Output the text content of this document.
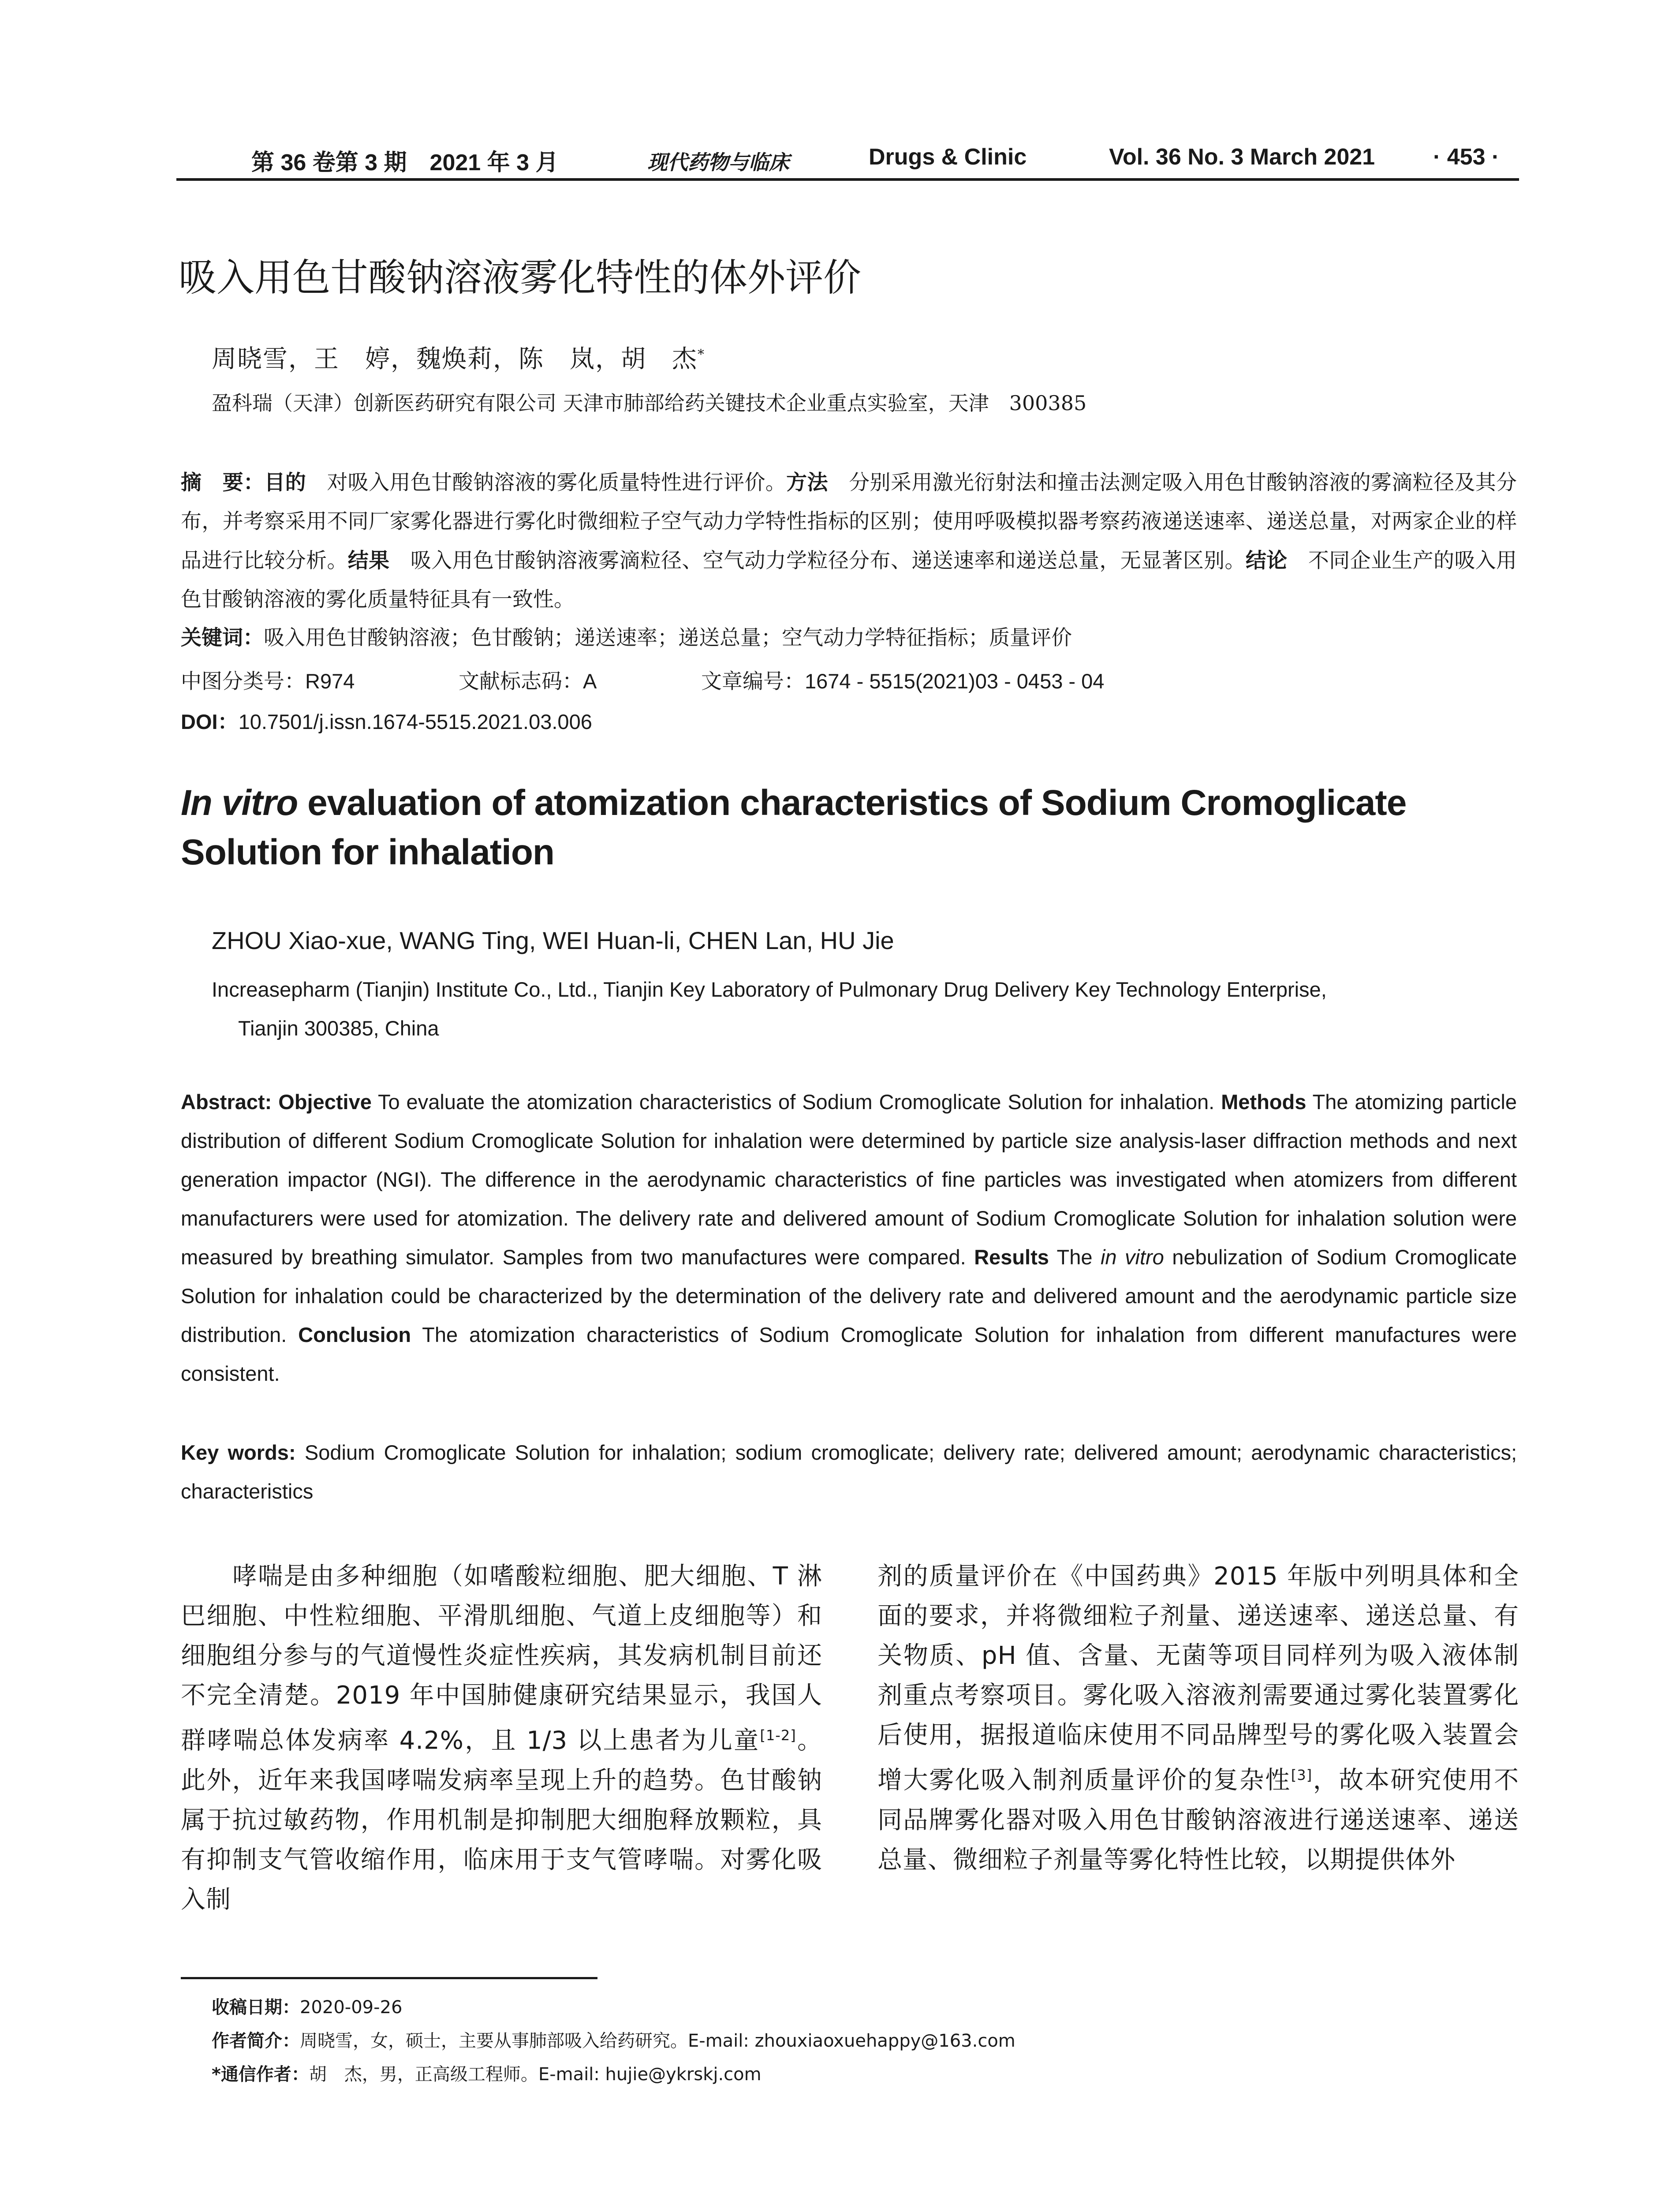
第 36 卷第 3 期　2021 年 3 月	现代药物与临床	Drugs & Clinic	Vol. 36 No. 3 March 2021	· 453 ·
吸入用色甘酸钠溶液雾化特性的体外评价
周晓雪，王　婷，魏焕莉，陈　岚，胡　杰*
盈科瑞（天津）创新医药研究有限公司 天津市肺部给药关键技术企业重点实验室，天津　300385
摘　要：目的　对吸入用色甘酸钠溶液的雾化质量特性进行评价。方法　分别采用激光衍射法和撞击法测定吸入用色甘酸钠溶液的雾滴粒径及其分布，并考察采用不同厂家雾化器进行雾化时微细粒子空气动力学特性指标的区别；使用呼吸模拟器考察药液递送速率、递送总量，对两家企业的样品进行比较分析。结果　吸入用色甘酸钠溶液雾滴粒径、空气动力学粒径分布、递送速率和递送总量，无显著区别。结论　不同企业生产的吸入用色甘酸钠溶液的雾化质量特征具有一致性。
关键词：吸入用色甘酸钠溶液；色甘酸钠；递送速率；递送总量；空气动力学特征指标；质量评价
中图分类号：R974	文献标志码：A	文章编号：1674 - 5515(2021)03 - 0453 - 04
DOI：10.7501/j.issn.1674-5515.2021.03.006
In vitro evaluation of atomization characteristics of Sodium Cromoglicate Solution for inhalation
ZHOU Xiao-xue, WANG Ting, WEI Huan-li, CHEN Lan, HU Jie
Increasepharm (Tianjin) Institute Co., Ltd., Tianjin Key Laboratory of Pulmonary Drug Delivery Key Technology Enterprise,
Tianjin 300385, China
Abstract: Objective To evaluate the atomization characteristics of Sodium Cromoglicate Solution for inhalation. Methods The atomizing particle distribution of different Sodium Cromoglicate Solution for inhalation were determined by particle size analysis-laser diffraction methods and next generation impactor (NGI). The difference in the aerodynamic characteristics of fine particles was investigated when atomizers from different manufacturers were used for atomization. The delivery rate and delivered amount of Sodium Cromoglicate Solution for inhalation solution were measured by breathing simulator. Samples from two manufactures were compared. Results The in vitro nebulization of Sodium Cromoglicate Solution for inhalation could be characterized by the determination of the delivery rate and delivered amount and the aerodynamic particle size distribution. Conclusion The atomization characteristics of Sodium Cromoglicate Solution for inhalation from different manufactures were consistent.
Key words: Sodium Cromoglicate Solution for inhalation; sodium cromoglicate; delivery rate; delivered amount; aerodynamic characteristics; characteristics
　　哮喘是由多种细胞（如嗜酸粒细胞、肥大细胞、T 淋巴细胞、中性粒细胞、平滑肌细胞、气道上皮细胞等）和细胞组分参与的气道慢性炎症性疾病，其发病机制目前还不完全清楚。2019 年中国肺健康研究结果显示，我国人群哮喘总体发病率 4.2%，且 1/3 以上患者为儿童[1-2]。此外，近年来我国哮喘发病率呈现上升的趋势。色甘酸钠属于抗过敏药物，作用机制是抑制肥大细胞释放颗粒，具有抑制支气管收缩作用，临床用于支气管哮喘。对雾化吸入制
剂的质量评价在《中国药典》2015 年版中列明具体和全面的要求，并将微细粒子剂量、递送速率、递送总量、有关物质、pH 值、含量、无菌等项目同样列为吸入液体制剂重点考察项目。雾化吸入溶液剂需要通过雾化装置雾化后使用，据报道临床使用不同品牌型号的雾化吸入装置会增大雾化吸入制剂质量评价的复杂性[3]，故本研究使用不同品牌雾化器对吸入用色甘酸钠溶液进行递送速率、递送总量、微细粒子剂量等雾化特性比较，以期提供体外
收稿日期：2020-09-26
作者简介：周晓雪，女，硕士，主要从事肺部吸入给药研究。E-mail: zhouxiaoxuehappy@163.com
*通信作者：胡　杰，男，正高级工程师。E-mail: hujie@ykrskj.com
